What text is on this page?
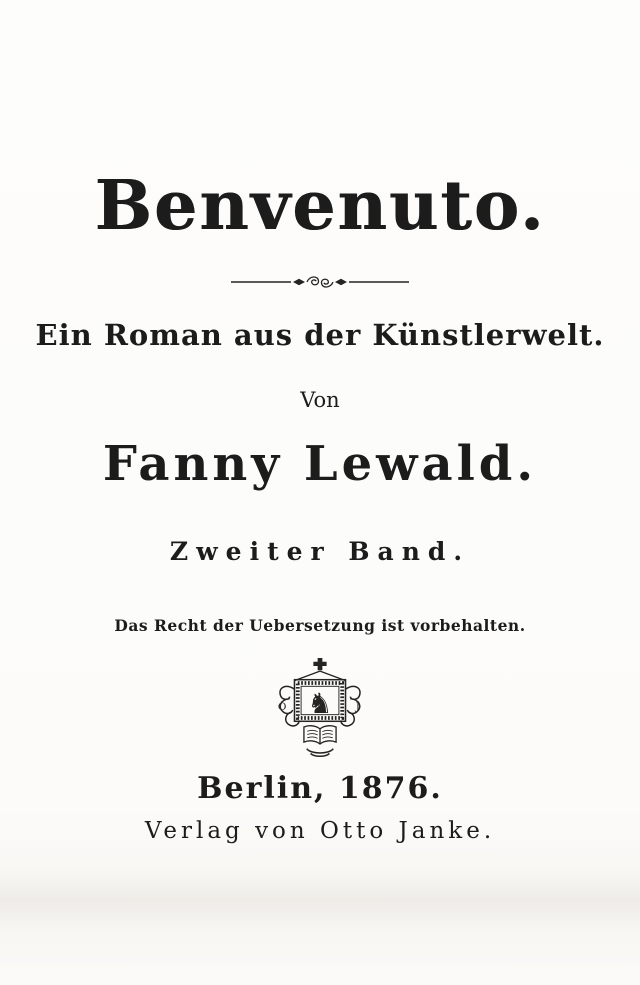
Benvenuto.
Ein Roman aus der Künstlerwelt.
Von
Fanny Lewald.
Zweiter Band.
Das Recht der Uebersetzung ist vorbehalten.
♞
O	J
Berlin, 1876.
Verlag von Otto Janke.
